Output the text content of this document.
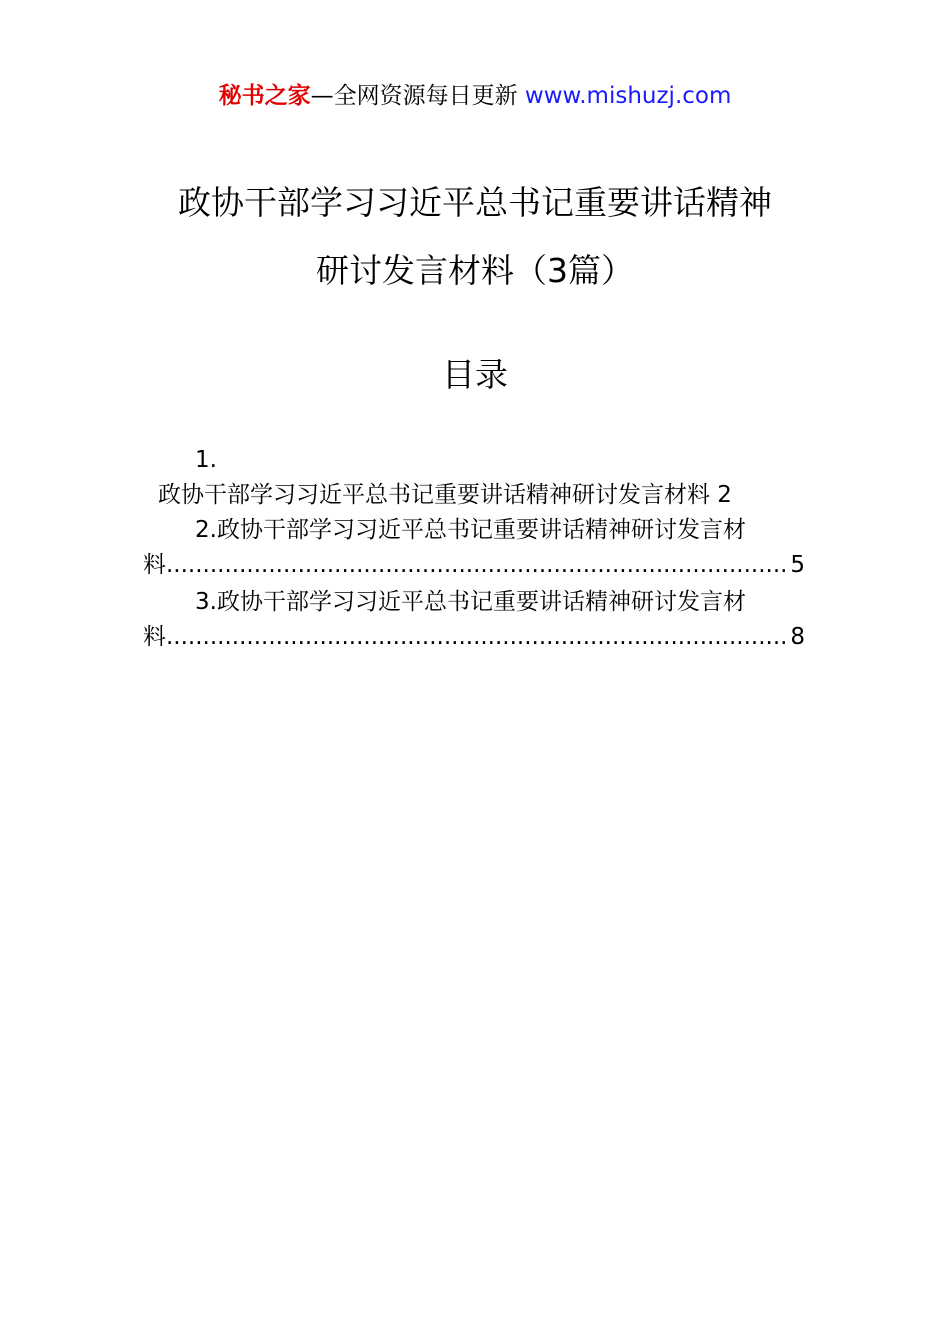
秘书之家—全网资源每日更新 www.mishuzj.com
政协干部学习习近平总书记重要讲话精神
研讨发言材料（3篇）
目录
1.
政协干部学习习近平总书记重要讲话精神研讨发言材料 2
2.政协干部学习习近平总书记重要讲话精神研讨发言材
料 .....	5
3.政协干部学习习近平总书记重要讲话精神研讨发言材
料 .....	8
